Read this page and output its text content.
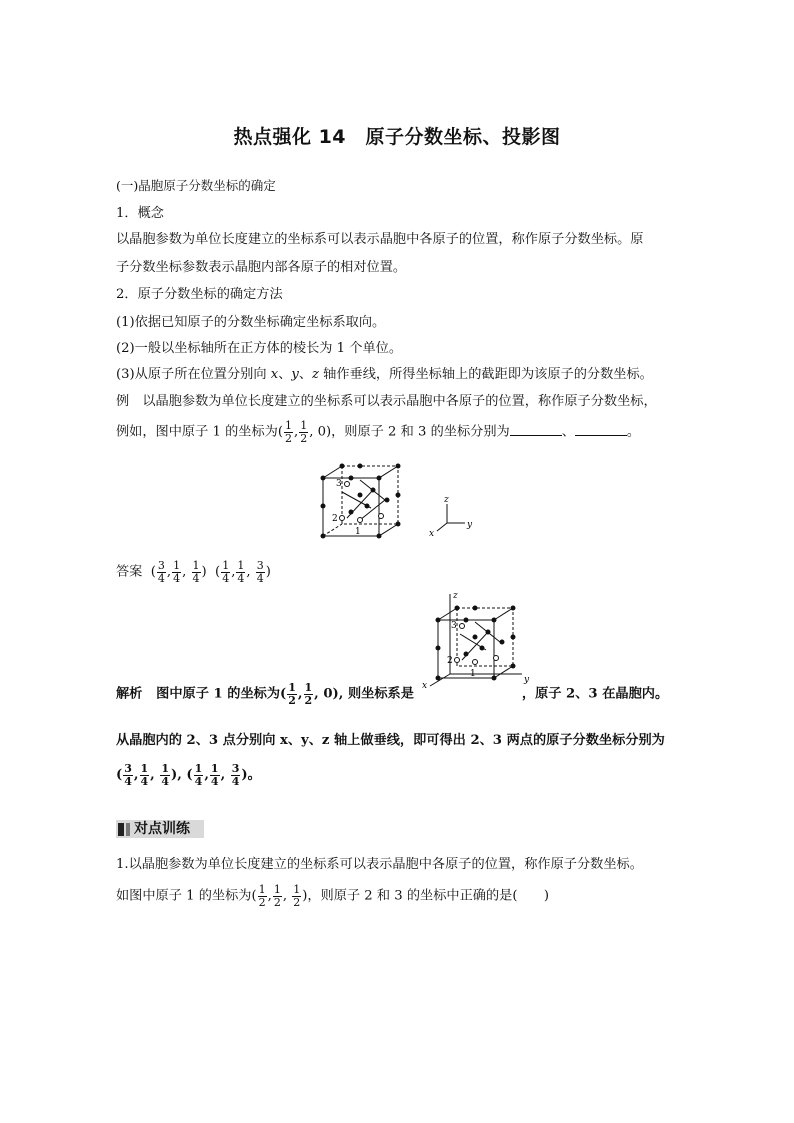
热点强化 14　原子分数坐标、投影图
(一)晶胞原子分数坐标的确定
1．概念
以晶胞参数为单位长度建立的坐标系可以表示晶胞中各原子的位置，称作原子分数坐标。原
子分数坐标参数表示晶胞内部各原子的相对位置。
2．原子分数坐标的确定方法
(1)依据已知原子的分数坐标确定坐标系取向。
(2)一般以坐标轴所在正方体的棱长为 1 个单位。
(3)从原子所在位置分别向 x、y、z 轴作垂线，所得坐标轴上的截距即为该原子的分数坐标。
例　以晶胞参数为单位长度建立的坐标系可以表示晶胞中各原子的位置，称作原子分数坐标，
例如，图中原子 1 的坐标为( $\frac{1}{2}$ , $\frac{1}{2}$ , 0)，则原子 2 和 3 的坐标分别为	、	。
3
2
1
z
y
x
答案  ( $\frac{3}{4}$ , $\frac{1}{4}$ , $\frac{1}{4}$ )  ( $\frac{1}{4}$ , $\frac{1}{4}$ , $\frac{3}{4}$ )
3
2
1
z
y
x
解析 图中原子 1 的坐标为( $\frac{1}{2}$ , $\frac{1}{2}$ , 0), 则坐标系是	，原子 2、3 在晶胞内。
从晶胞内的 2、3 点分别向 x、y、z 轴上做垂线，即可得出 2、3 两点的原子分数坐标分别为
( $\frac{3}{4}$ , $\frac{1}{4}$ , $\frac{1}{4}$ ), ( $\frac{1}{4}$ , $\frac{1}{4}$ , $\frac{3}{4}$ )。
对点训练
1.以晶胞参数为单位长度建立的坐标系可以表示晶胞中各原子的位置，称作原子分数坐标。
如图中原子 1 的坐标为( $\frac{1}{2}$ , $\frac{1}{2}$ , $\frac{1}{2}$ )，则原子 2 和 3 的坐标中正确的是(　　)
